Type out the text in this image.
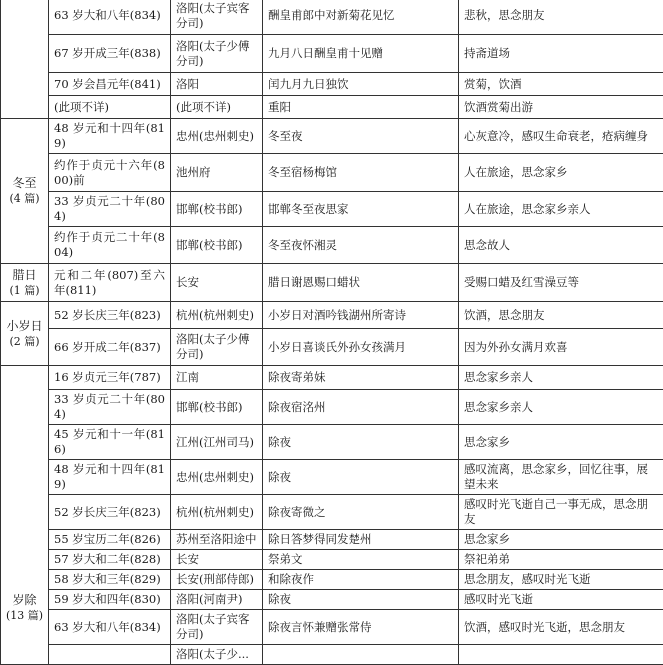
	63 岁大和八年(834)	洛阳(太子宾客分司)	酬皇甫郎中对新菊花见忆	悲秋，思念朋友
	67 岁开成三年(838)	洛阳(太子少傅分司)	九月八日酬皇甫十见赠	持斋道场
	70 岁会昌元年(841)	洛阳	闰九月九日独饮	赏菊，饮酒
	(此项不详)	(此项不详)	重阳	饮酒赏菊出游

冬至
(4 篇)	48 岁元和十四年(819)	忠州(忠州刺史)	冬至夜	心灰意冷，感叹生命衰老，疮病缠身
	约作于贞元十六年(800)前	池州府	冬至宿杨梅馆	人在旅途，思念家乡
	33 岁贞元二十年(804)	邯郸(校书郎)	邯郸冬至夜思家	人在旅途，思念家乡亲人
	约作于贞元二十年(804)	邯郸(校书郎)	冬至夜怀湘灵	思念故人

腊日
(1 篇)	元和二年(807)至六年(811)	长安	腊日谢恩赐口蜡状	受赐口蜡及红雪澡豆等

小岁日
(2 篇)	52 岁长庆三年(823)	杭州(杭州刺史)	小岁日对酒吟钱湖州所寄诗	饮酒，思念朋友
	66 岁开成二年(837)	洛阳(太子少傅分司)	小岁日喜谈氏外孙女孩满月	因为外孙女满月欢喜

岁除
(13 篇)	16 岁贞元三年(787)	江南	除夜寄弟妹	思念家乡亲人
	33 岁贞元二十年(804)	邯郸(校书郎)	除夜宿洺州	思念家乡亲人
	45 岁元和十一年(816)	江州(江州司马)	除夜	思念家乡
	48 岁元和十四年(819)	忠州(忠州刺史)	除夜	感叹流离，思念家乡，回忆往事，展望未来
	52 岁长庆三年(823)	杭州(杭州刺史)	除夜寄微之	感叹时光飞逝自己一事无成，思念朋友
	55 岁宝历二年(826)	苏州至洛阳途中	除日答梦得同发楚州	思念家乡
	57 岁大和二年(828)	长安	祭弟文	祭祀弟弟
	58 岁大和三年(829)	长安(刑部侍郎)	和除夜作	思念朋友，感叹时光飞逝
	59 岁大和四年(830)	洛阳(河南尹)	除夜	感叹时光飞逝
	63 岁大和八年(834)	洛阳(太子宾客分司)	除夜言怀兼赠张常侍	饮酒，感叹时光飞逝，思念朋友
		洛阳(太子少...		
